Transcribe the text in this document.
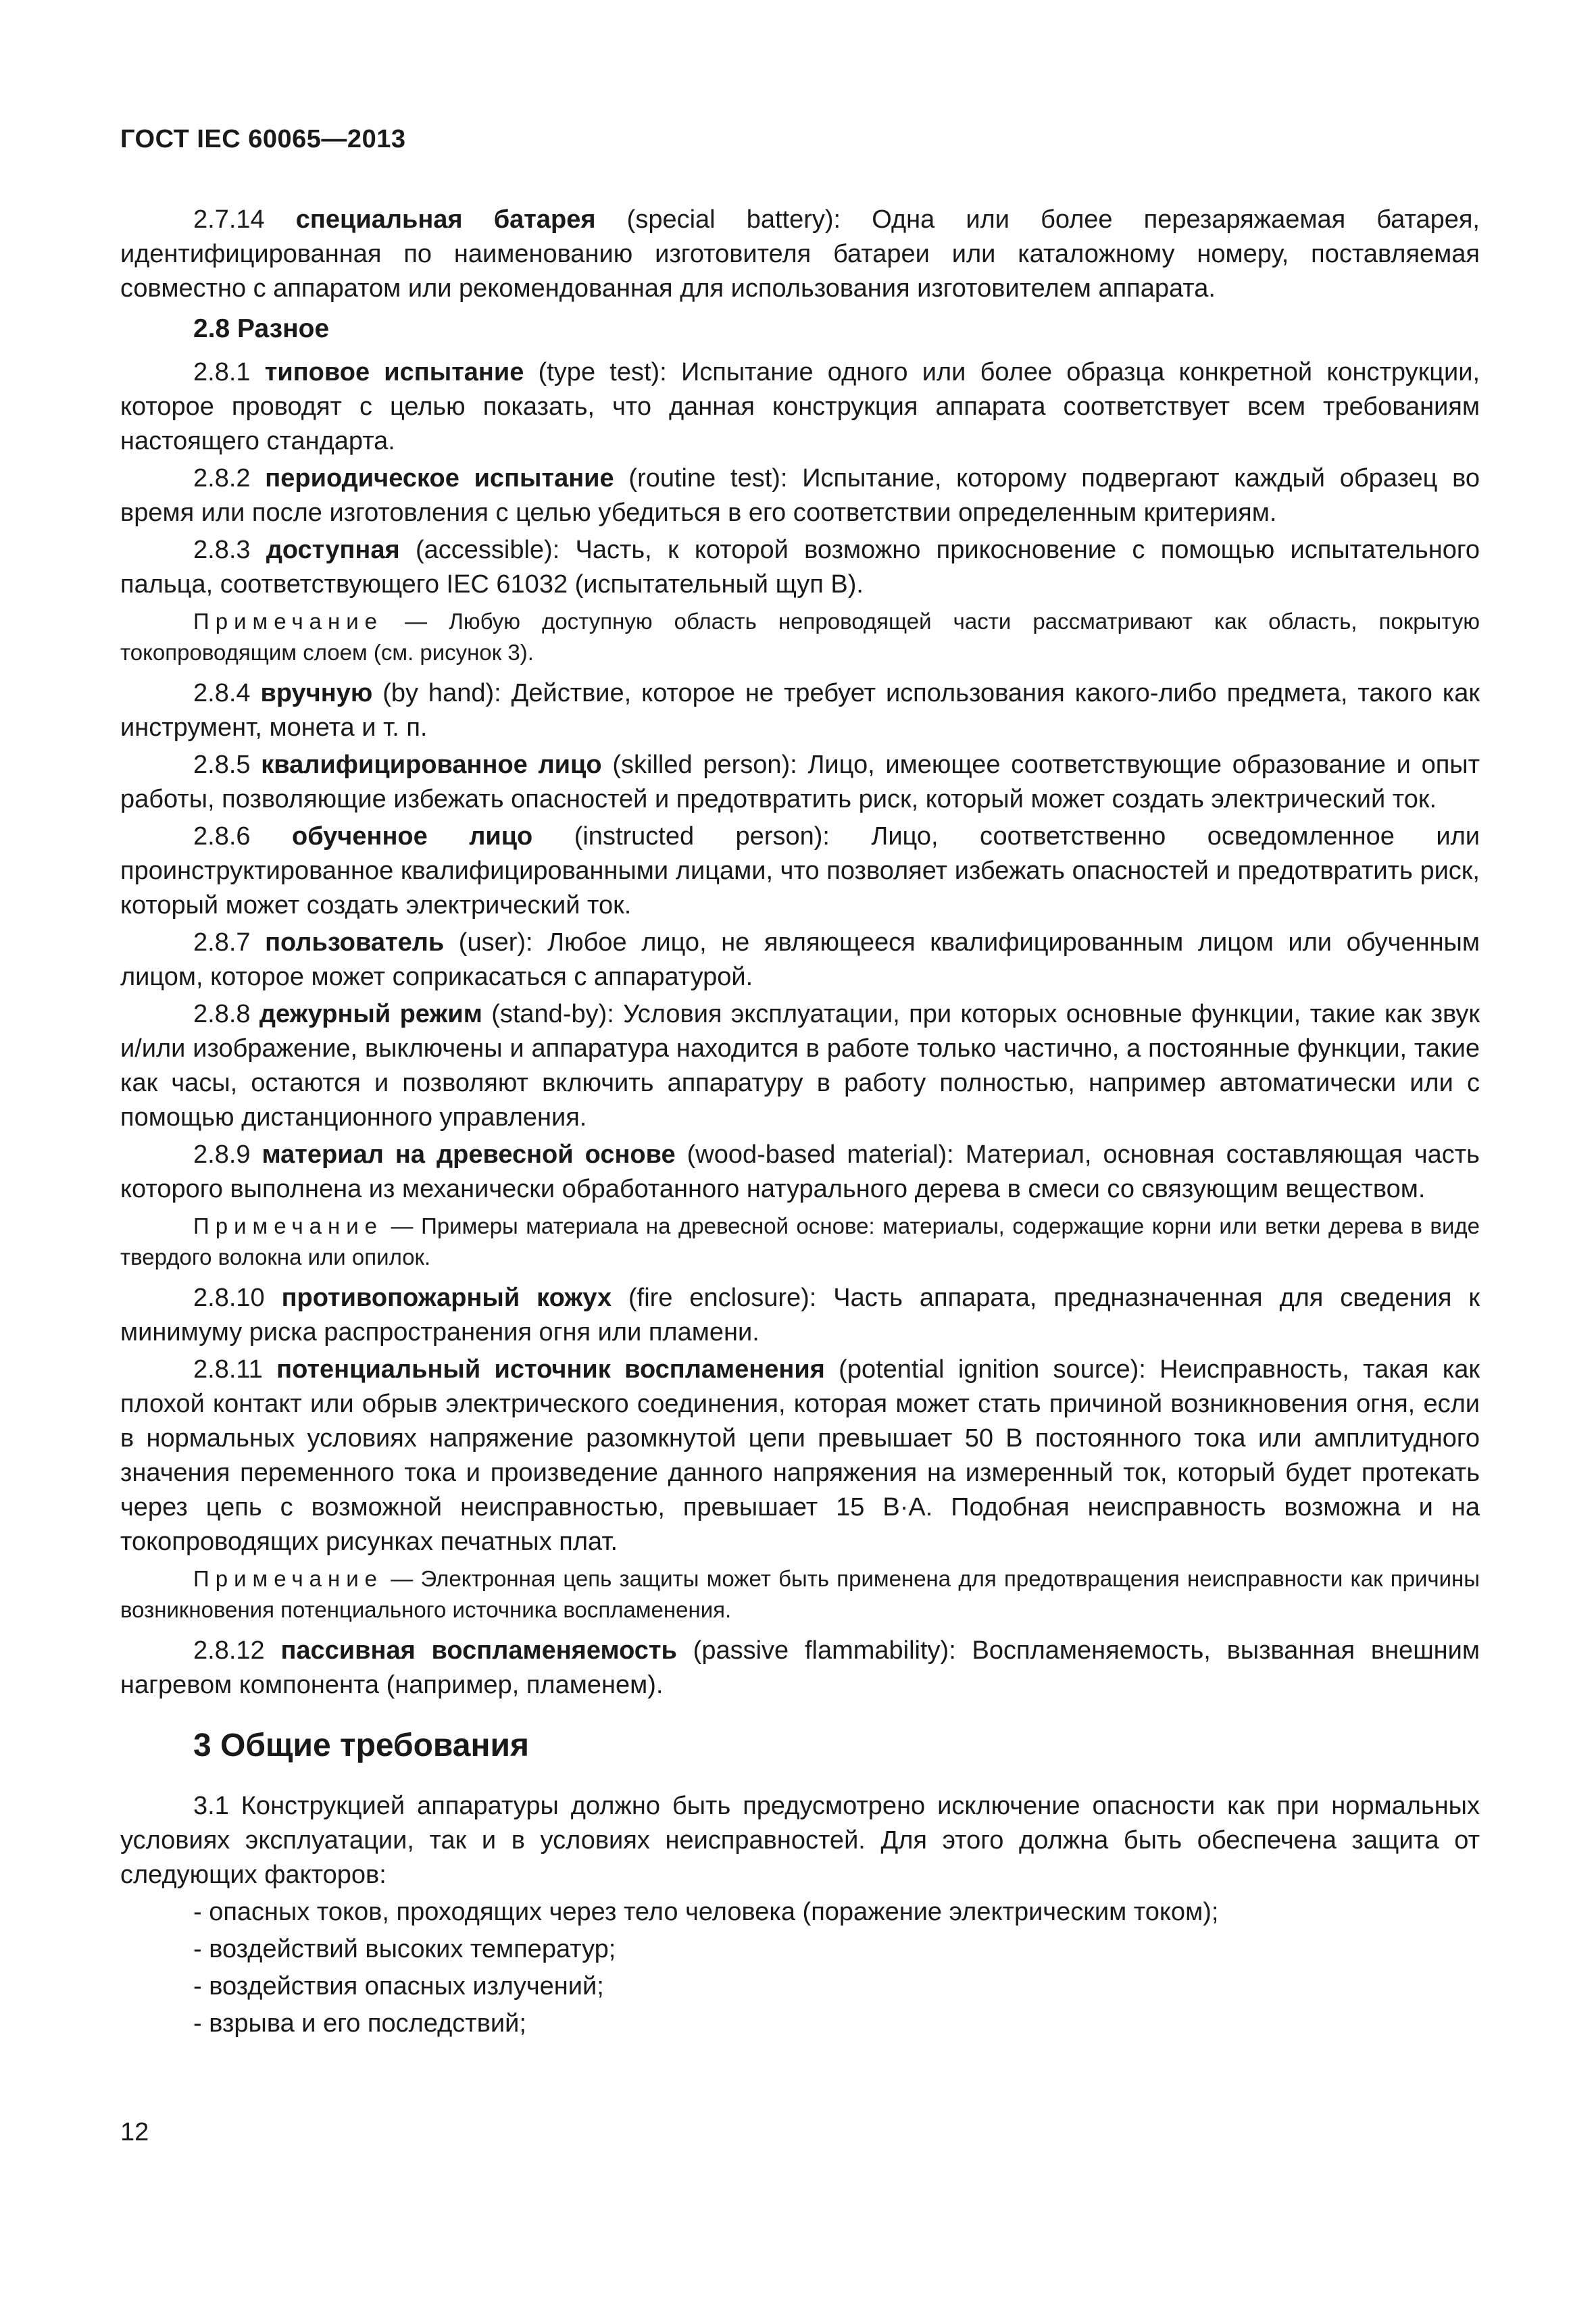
ГОСТ IEC 60065—2013

2.7.14 специальная батарея (special battery): Одна или более перезаряжаемая батарея, идентифицированная по наименованию изготовителя батареи или каталожному номеру, поставляемая совместно с аппаратом или рекомендованная для использования изготовителем аппарата.

2.8 Разное

2.8.1 типовое испытание (type test): Испытание одного или более образца конкретной конструкции, которое проводят с целью показать, что данная конструкция аппарата соответствует всем требованиям настоящего стандарта.

2.8.2 периодическое испытание (routine test): Испытание, которому подвергают каждый образец во время или после изготовления с целью убедиться в его соответствии определенным критериям.

2.8.3 доступная (accessible): Часть, к которой возможно прикосновение с помощью испытательного пальца, соответствующего IEC 61032 (испытательный щуп B).

Примечание — Любую доступную область непроводящей части рассматривают как область, покрытую токопроводящим слоем (см. рисунок 3).

2.8.4 вручную (by hand): Действие, которое не требует использования какого-либо предмета, такого как инструмент, монета и т. п.

2.8.5 квалифицированное лицо (skilled person): Лицо, имеющее соответствующие образование и опыт работы, позволяющие избежать опасностей и предотвратить риск, который может создать электрический ток.

2.8.6 обученное лицо (instructed person): Лицо, соответственно осведомленное или проинструктированное квалифицированными лицами, что позволяет избежать опасностей и предотвратить риск, который может создать электрический ток.

2.8.7 пользователь (user): Любое лицо, не являющееся квалифицированным лицом или обученным лицом, которое может соприкасаться с аппаратурой.

2.8.8 дежурный режим (stand-by): Условия эксплуатации, при которых основные функции, такие как звук и/или изображение, выключены и аппаратура находится в работе только частично, а постоянные функции, такие как часы, остаются и позволяют включить аппаратуру в работу полностью, например автоматически или с помощью дистанционного управления.

2.8.9 материал на древесной основе (wood-based material): Материал, основная составляющая часть которого выполнена из механически обработанного натурального дерева в смеси со связующим веществом.

Примечание — Примеры материала на древесной основе: материалы, содержащие корни или ветки дерева в виде твердого волокна или опилок.

2.8.10 противопожарный кожух (fire enclosure): Часть аппарата, предназначенная для сведения к минимуму риска распространения огня или пламени.

2.8.11 потенциальный источник воспламенения (potential ignition source): Неисправность, такая как плохой контакт или обрыв электрического соединения, которая может стать причиной возникновения огня, если в нормальных условиях напряжение разомкнутой цепи превышает 50 В постоянного тока или амплитудного значения переменного тока и произведение данного напряжения на измеренный ток, который будет протекать через цепь с возможной неисправностью, превышает 15 В·А. Подобная неисправность возможна и на токопроводящих рисунках печатных плат.

Примечание — Электронная цепь защиты может быть применена для предотвращения неисправности как причины возникновения потенциального источника воспламенения.

2.8.12 пассивная воспламеняемость (passive flammability): Воспламеняемость, вызванная внешним нагревом компонента (например, пламенем).

3 Общие требования

3.1 Конструкцией аппаратуры должно быть предусмотрено исключение опасности как при нормальных условиях эксплуатации, так и в условиях неисправностей. Для этого должна быть обеспечена защита от следующих факторов:

- опасных токов, проходящих через тело человека (поражение электрическим током);
- воздействий высоких температур;
- воздействия опасных излучений;
- взрыва и его последствий;
12
